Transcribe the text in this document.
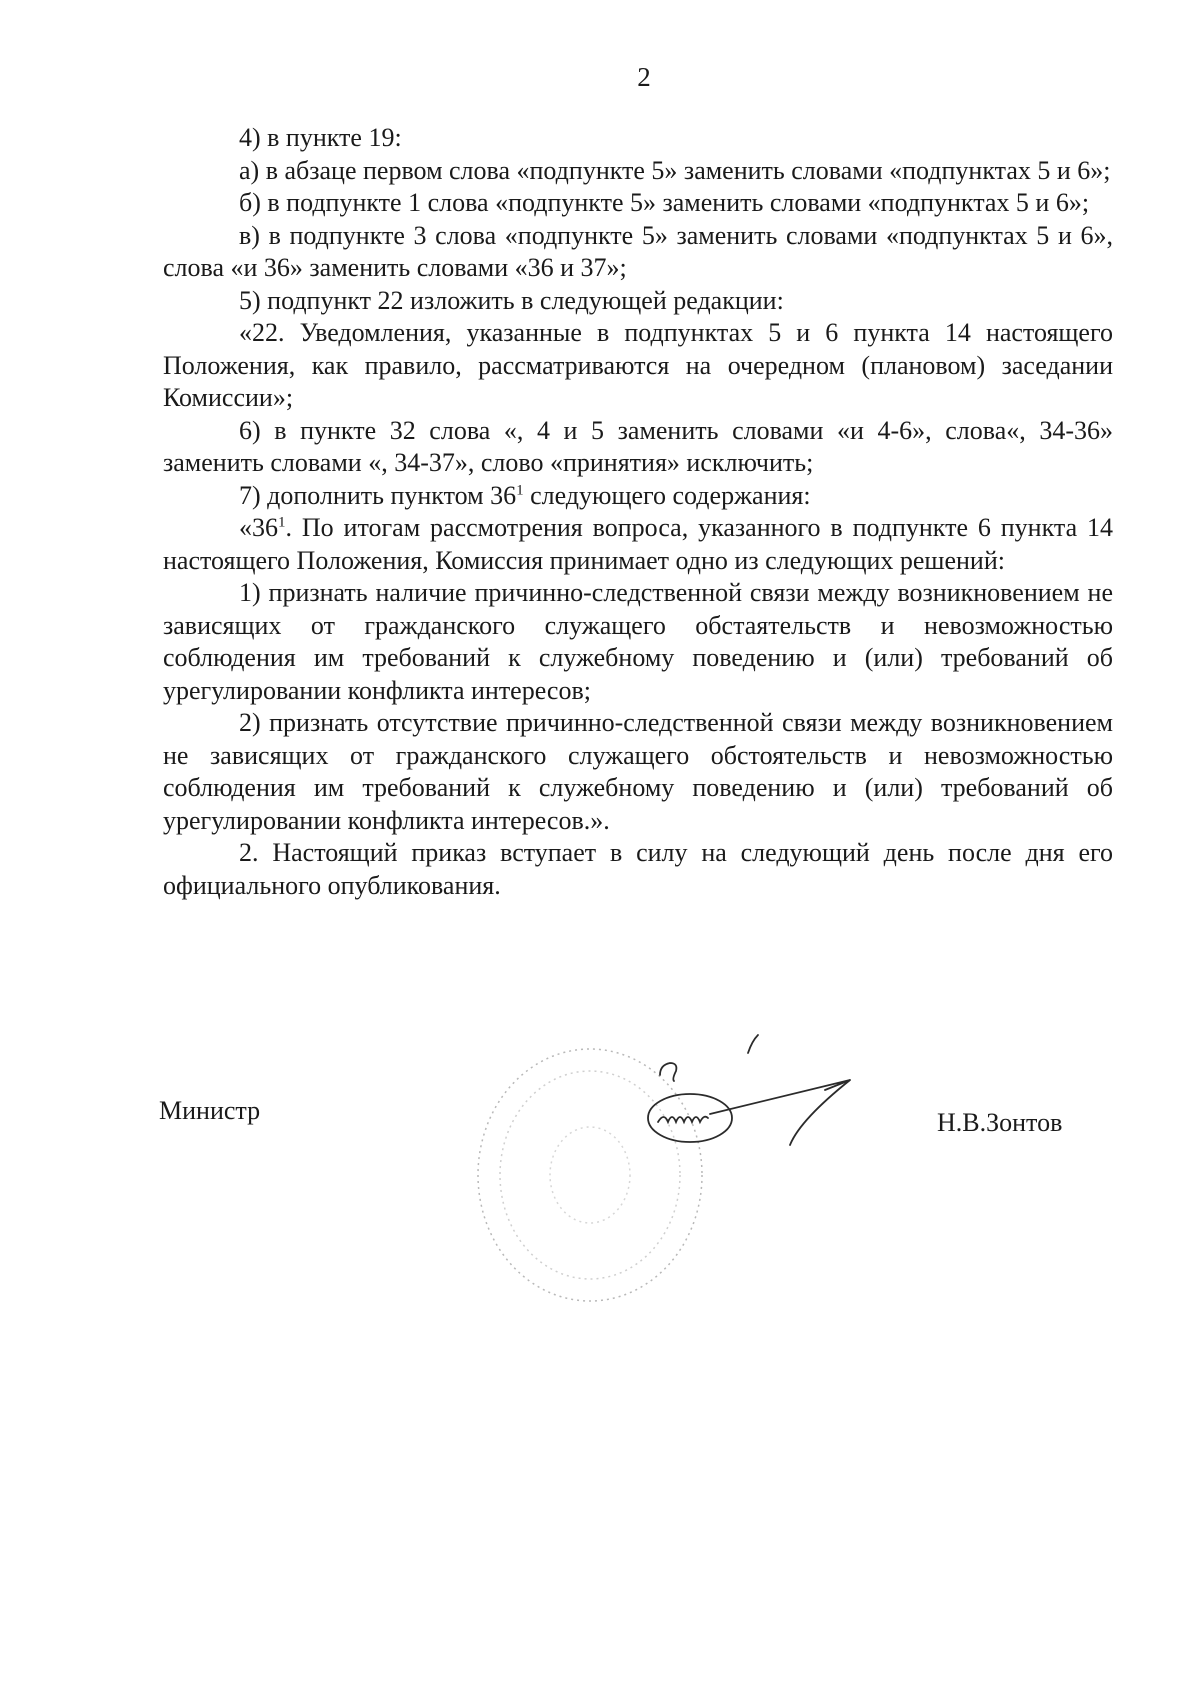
2

4) в пункте 19:

а) в абзаце первом слова «подпункте 5» заменить словами «подпунктах 5 и 6»;

б) в подпункте 1 слова «подпункте 5» заменить словами «подпунктах 5 и 6»;

в) в подпункте 3 слова «подпункте 5» заменить словами «подпунктах 5 и 6», слова «и 36» заменить словами «36 и 37»;

5) подпункт 22 изложить в следующей редакции:

«22. Уведомления, указанные в подпунктах 5 и 6 пункта 14 настоящего Положения, как правило, рассматриваются на очередном (плановом) заседании Комиссии»;

6) в пункте 32 слова «, 4 и 5 заменить словами «и 4-6», слова«, 34-36» заменить словами «, 34-37», слово «принятия» исключить;

7) дополнить пунктом $36^1$ следующего содержания:

«$36^1$. По итогам рассмотрения вопроса, указанного в подпункте 6 пункта 14 настоящего Положения, Комиссия принимает одно из следующих решений:

1) признать наличие причинно-следственной связи между возникновением не зависящих от гражданского служащего обстаятельств и невозможностью соблюдения им требований к служебному поведению и (или) требований об урегулировании конфликта интересов;

2) признать отсутствие причинно-следственной связи между возникновением не зависящих от гражданского служащего обстоятельств и невозможностью соблюдения им требований к служебному поведению и (или) требований об урегулировании конфликта интересов.».

2. Настоящий приказ вступает в силу на следующий день после дня его официального опубликования.

Министр	Н.В.Зонтов
